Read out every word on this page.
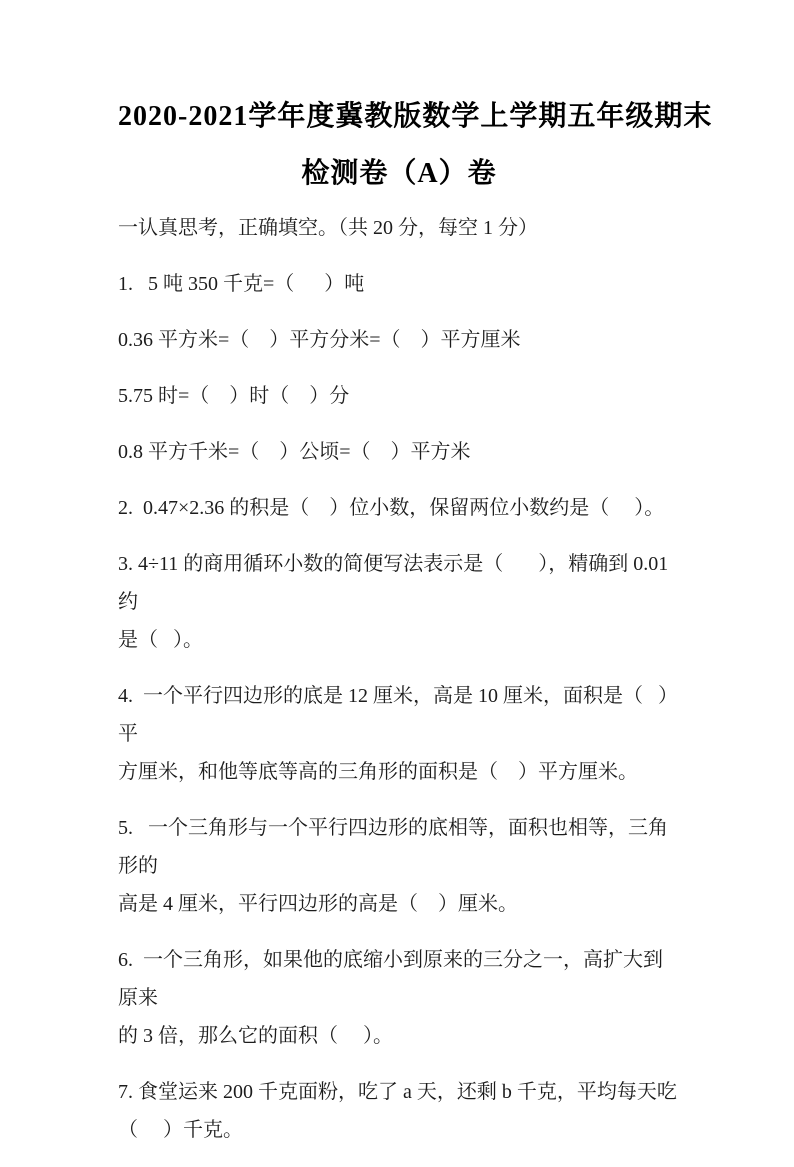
2020-2021学年度冀教版数学上学期五年级期末
检测卷（A）卷
一认真思考，正确填空。（共 20 分，每空 1 分）
1.   5 吨 350 千克=（      ）吨
0.36 平方米=（    ）平方分米=（    ）平方厘米
5.75 时=（    ）时（    ）分
0.8 平方千米=（    ）公顷=（    ）平方米
2.  0.47×2.36 的积是（    ）位小数，保留两位小数约是（     ）。
3. 4÷11 的商用循环小数的简便写法表示是（       ），精确到 0.01 约
是（   ）。
4.  一个平行四边形的底是 12 厘米，高是 10 厘米，面积是（   ）平
方厘米，和他等底等高的三角形的面积是（    ）平方厘米。
5.   一个三角形与一个平行四边形的底相等，面积也相等，三角形的
高是 4 厘米，平行四边形的高是（    ）厘米。
6.  一个三角形，如果他的底缩小到原来的三分之一，高扩大到原来
的 3 倍，那么它的面积（     ）。
7. 食堂运来 200 千克面粉，吃了 a 天，还剩 b 千克，平均每天吃
（     ）千克。
